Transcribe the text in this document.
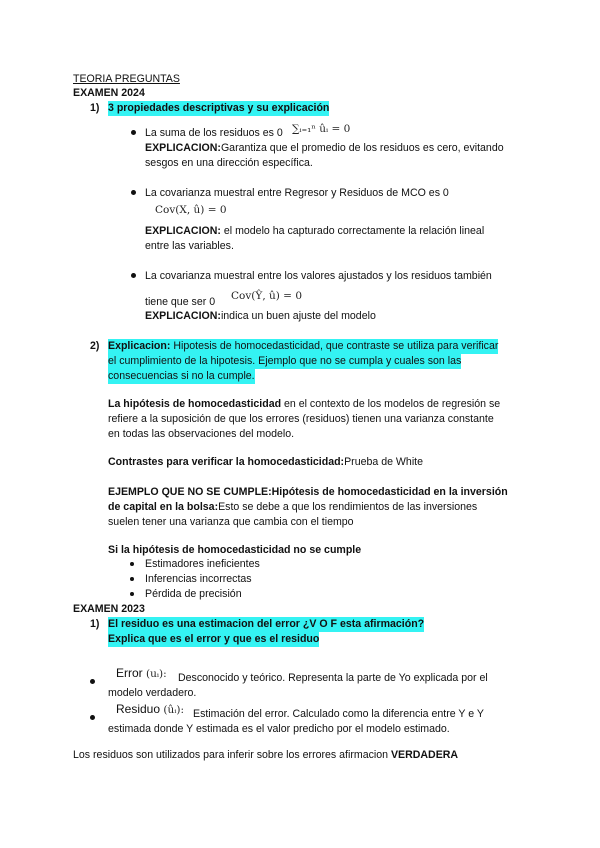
TEORIA PREGUNTAS
EXAMEN 2024
1) 3 propiedades descriptivas y su explicación
La suma de los residuos es 0 ∑ᵢ₌₁ⁿ ûᵢ = 0
EXPLICACION:Garantiza que el promedio de los residuos es cero, evitando
sesgos en una dirección específica.
La covarianza muestral entre Regresor y Residuos de MCO es 0
Cov(X, û) = 0
EXPLICACION: el modelo ha capturado correctamente la relación lineal
entre las variables.
La covarianza muestral entre los valores ajustados y los residuos también
tiene que ser 0 Cov(Ŷ, û) = 0
EXPLICACION:indica un buen ajuste del modelo
2) Explicacion: Hipotesis de homocedasticidad, que contraste se utiliza para verificar
el cumplimiento de la hipotesis. Ejemplo que no se cumpla y cuales son las
consecuencias si no la cumple.
La hipótesis de homocedasticidad en el contexto de los modelos de regresión se
refiere a la suposición de que los errores (residuos) tienen una varianza constante
en todas las observaciones del modelo.
Contrastes para verificar la homocedasticidad:Prueba de White
EJEMPLO QUE NO SE CUMPLE:Hipótesis de homocedasticidad en la inversión
de capital en la bolsa:Esto se debe a que los rendimientos de las inversiones
suelen tener una varianza que cambia con el tiempo
Si la hipótesis de homocedasticidad no se cumple
Estimadores ineficientes
Inferencias incorrectas
Pérdida de precisión
EXAMEN 2023
1) El residuo es una estimacion del error ¿V O F esta afirmación?
Explica que es el error y que es el residuo
Error (uᵢ): Desconocido y teórico. Representa la parte de Yo explicada por el
modelo verdadero.
Residuo (ûᵢ): Estimación del error. Calculado como la diferencia entre Y e Y
estimada donde Y estimada es el valor predicho por el modelo estimado.
Los residuos son utilizados para inferir sobre los errores afirmacion VERDADERA
